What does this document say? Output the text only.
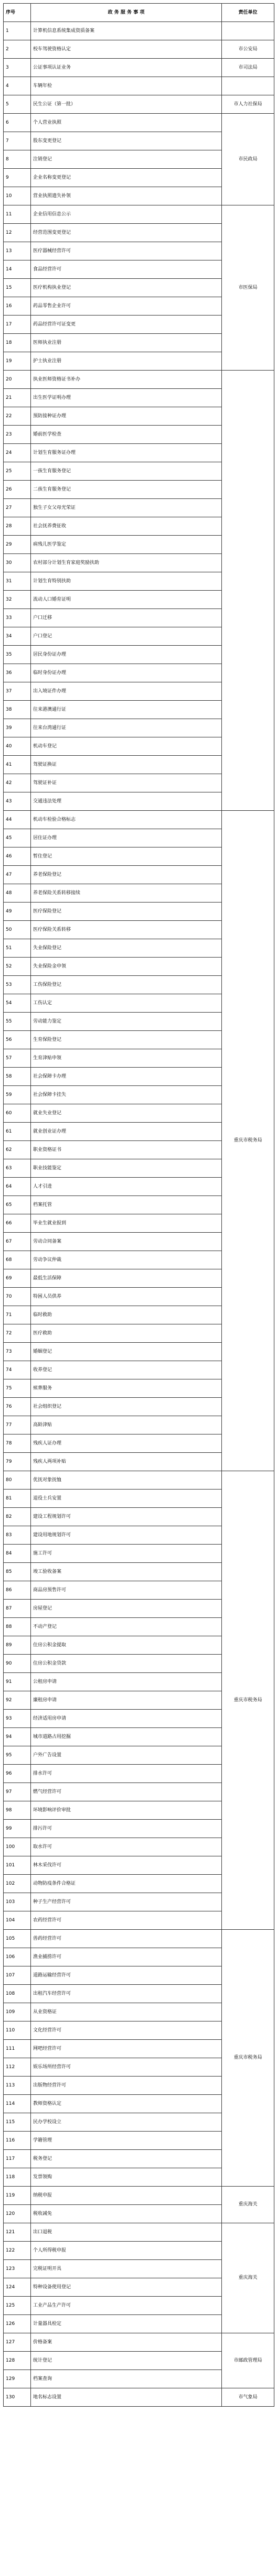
序号	政 务 服 务 事 项	责任单位
1	计算机信息系统集成资质备案	
2	校车驾驶资格认定	市公安局
3	公证事项认证业务	市司法局
4	车辆年检	
5	民生公证（第一批）	市人力社保局
6	个人营业执照	市民政局
7	股东变更登记	
8	注销登记	
9	企业名称变更登记	
10	营业执照遗失补领	
11	企业信用信息公示	市医保局
12	经营范围变更登记	
13	医疗器械经营许可	
14	食品经营许可	
15	医疗机构执业登记	
16	药品零售企业许可	
17	药品经营许可证变更	
18	医师执业注册	
19	护士执业注册	
20	执业医师资格证书补办	
21	出生医学证明办理	
22	预防接种证办理	
23	婚前医学检查	
24	计划生育服务证办理	
25	一孩生育服务登记	
26	二孩生育服务登记	
27	独生子女父母光荣证	
28	社会抚养费征收	
29	病残儿医学鉴定	
30	农村部分计划生育家庭奖励扶助	
31	计划生育特别扶助	
32	流动人口婚育证明	
33	户口迁移	
34	户口登记	
35	居民身份证办理	
36	临时身份证办理	
37	出入境证件办理	
38	往来港澳通行证	
39	往来台湾通行证	
40	机动车登记	
41	驾驶证换证	
42	驾驶证补证	
43	交通违法处理	
44	机动车检验合格标志	重庆市税务局
45	居住证办理	
46	暂住登记	
47	养老保险登记	
48	养老保险关系转移接续	
49	医疗保险登记	
50	医疗保险关系转移	
51	失业保险登记	
52	失业保险金申领	
53	工伤保险登记	
54	工伤认定	
55	劳动能力鉴定	
56	生育保险登记	
57	生育津贴申领	
58	社会保障卡办理	
59	社会保障卡挂失	
60	就业失业登记	
61	就业创业证办理	
62	职业资格证书	
63	职业技能鉴定	
64	人才引进	
65	档案托管	
66	毕业生就业报到	
67	劳动合同备案	
68	劳动争议仲裁	
69	最低生活保障	
70	特困人员供养	
71	临时救助	
72	医疗救助	
73	婚姻登记	
74	收养登记	
75	殡葬服务	
76	社会组织登记	
77	高龄津贴	
78	残疾人证办理	
79	残疾人两项补贴	
80	优抚对象抚恤	重庆市税务局
81	退役士兵安置	
82	建设工程规划许可	
83	建设用地规划许可	
84	施工许可	
85	竣工验收备案	
86	商品房预售许可	
87	房屋登记	
88	不动产登记	
89	住房公积金提取	
90	住房公积金贷款	
91	公租房申请	
92	廉租房申请	
93	经济适用房申请	
94	城市道路占用挖掘	
95	户外广告设置	
96	排水许可	
97	燃气经营许可	
98	环境影响评价审批	
99	排污许可	
100	取水许可	
101	林木采伐许可	
102	动物防疫条件合格证	
103	种子生产经营许可	
104	农药经营许可	
105	兽药经营许可	重庆市税务局
106	渔业捕捞许可	
107	道路运输经营许可	
108	出租汽车经营许可	
109	从业资格证	
110	文化经营许可	
111	网吧经营许可	
112	娱乐场所经营许可	
113	出版物经营许可	
114	教师资格认定	
115	民办学校设立	
116	学籍管理	
117	税务登记	
118	发票领购	
119	纳税申报	重庆海关
120	税收减免	
121	出口退税	重庆海关
122	个人所得税申报	
123	完税证明开具	
124	特种设备使用登记	
125	工业产品生产许可	
126	计量器具检定	
127	价格备案	市邮政管理局
128	统计登记	
129	档案查询	
130	地名标志设置	市气象局
